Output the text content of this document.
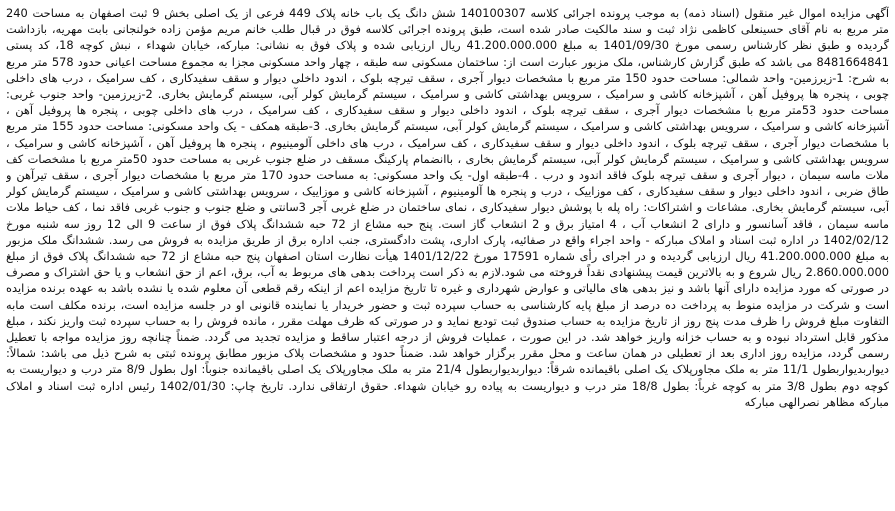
آگهی مزایده اموال غیر منقول (اسناد ذمه) به موجب پرونده اجرائی کلاسه 140100307 شش دانگ یک باب خانه پلاک 449 فرعی از یک اصلی بخش 9 ثبت اصفهان به مساحت 240 متر مربع به نام آقای حسینعلی کاظمی نژاد ثبت و سند مالکیت صادر شده است، طبق پرونده اجرائی کلاسه فوق در قبال طلب خانم مریم مؤمن زاده خولنجانی بابت مهریه، بازداشت گردیده و طبق نظر کارشناس رسمی مورخ 1401/09/30 به مبلغ 41.200.000.000 ریال ارزیابی شده و پلاک فوق به نشانی: مبارکه، خیابان شهداء ، نبش کوچه 18، کد پستی 8481664841 می باشد که طبق گزارش کارشناس، ملک مزبور عبارت است از: ساختمان مسکونی سه طبقه ، چهار واحد مسکونی مجزا به مجموع مساحت اعیانی حدود 578 متر مربع به شرح: 1-زیرزمین- واحد شمالی: مساحت حدود 150 متر مربع با مشخصات دیوار آجری ، سقف تیرچه بلوک ، اندود داخلی دیوار و سقف سفیدکاری ، کف سرامیک ، درب های داخلی چوبی ، پنجره ها پروفیل آهن ، آشپزخانه کاشی و سرامیک ، سرویس بهداشتی کاشی و سرامیک ، سیستم گرمایش کولر آبی، سیستم گرمایش بخاری. 2-زیرزمین- واحد جنوب غربی: مساحت حدود 53متر مربع با مشخصات دیوار آجری ، سقف تیرچه بلوک ، اندود داخلی دیوار و سقف سفیدکاری ، کف سرامیک ، درب های داخلی چوبی ، پنجره ها پروفیل آهن ، آشپزخانه کاشی و سرامیک ، سرویس بهداشتی کاشی و سرامیک ، سیستم گرمایش کولر آبی، سیستم گرمایش بخاری. 3-طبقه همکف - یک واحد مسکونی: مساحت حدود 155 متر مربع با مشخصات دیوار آجری ، سقف تیرچه بلوک ، اندود داخلی دیوار و سقف سفیدکاری ، کف سرامیک ، درب های داخلی آلومینیوم ، پنجره ها پروفیل آهن ، آشپزخانه کاشی و سرامیک ، سرویس بهداشتی کاشی و سرامیک ، سیستم گرمایش کولر آبی، سیستم گرمایش بخاری ، باانضمام پارکینگ مسقف در ضلع جنوب غربی به مساحت حدود 50متر مربع با مشخصات کف ملات ماسه سیمان ، دیوار آجری و سقف تیرچه بلوک فاقد اندود و درب . 4-طبقه اول- یک واحد مسکونی: به مساحت حدود 170 متر مربع با مشخصات دیوار آجری ، سقف تیرآهن و طاق ضربی ، اندود داخلی دیوار و سقف سفیدکاری ، کف موزاییک ، درب و پنجره ها آلومینیوم ، آشپزخانه کاشی و موزاییک ، سرویس بهداشتی کاشی و سرامیک ، سیستم گرمایش کولر آبی، سیستم گرمایش بخاری. مشاعات و اشتراکات: راه پله با پوشش دیوار سفیدکاری ، نمای ساختمان در ضلع غربی آجر 3سانتی و ضلع جنوب و جنوب غربی فاقد نما ، کف حیاط ملات ماسه سیمان ، فاقد آسانسور و دارای 2 انشعاب آب ، 4 امتیاز برق و 2 انشعاب گاز است. پنج حبه مشاع از 72 حبه ششدانگ پلاک فوق از ساعت 9 الی 12 روز سه شنبه مورخ 1402/02/12 در اداره ثبت اسناد و املاک مبارکه - واحد اجراء واقع در صفائیه، پارک اداری، پشت دادگستری، جنب اداره برق از طریق مزایده به فروش می رسد. ششدانگ ملک مزبور به مبلغ 41.200.000.000 ریال ارزیابی گردیده و در اجرای رأی شماره 17591 مورخ 1401/12/22 هیأت نظارت استان اصفهان پنج حبه مشاع از 72 حبه ششدانگ پلاک فوق از مبلغ 2.860.000.000 ریال شروع و به بالاترین قیمت پیشنهادی نقداً فروخته می شود.لازم به ذکر است پرداخت بدهی های مربوط به آب، برق، اعم از حق انشعاب و یا حق اشتراک و مصرف در صورتی که مورد مزایده دارای آنها باشد و نیز بدهی های مالیاتی و عوارض شهرداری و غیره تا تاریخ مزایده اعم از اینکه رقم قطعی آن معلوم شده یا نشده باشد به عهده برنده مزایده است و شرکت در مزایده منوط به پرداخت ده درصد از مبلغ پایه کارشناسی به حساب سپرده ثبت و حضور خریدار یا نماینده قانونی او در جلسه مزایده است، برنده مکلف است مابه التفاوت مبلغ فروش را ظرف مدت پنج روز از تاریخ مزایده به حساب صندوق ثبت تودیع نماید و در صورتی که ظرف مهلت مقرر ، مانده فروش را به حساب سپرده ثبت واریز نکند ، مبلغ مذکور قابل استرداد نبوده و به حساب خزانه واریز خواهد شد. در این صورت ، عملیات فروش از درجه اعتبار ساقط و مزایده تجدید می گردد. ضمناً چنانچه روز مزایده مواجه با تعطیل رسمی گردد، مزایده روز اداری بعد از تعطیلی در همان ساعت و محل مقرر برگزار خواهد شد. ضمناً حدود و مشخصات پلاک مزبور مطابق پرونده ثبتی به شرح ذیل می باشد: شمالاً: دیواربدیواربطول 11/1 متر به ملک مجاورپلاک یک اصلی باقیمانده شرقاً: دیواربدیواربطول 21/4 متر به ملک مجاورپلاک یک اصلی باقیمانده جنوباً: اول بطول 8/9 متر درب و دیواریست به کوچه دوم بطول 3/8 متر به کوچه غرباً: بطول 18/8 متر درب و دیواریست به پیاده رو خیابان شهداء. حقوق ارتفاقی ندارد. تاریخ چاپ: 1402/01/30 رئیس اداره ثبت اسناد و املاک مبارکه مظاهر نصرالهی مبارکه
